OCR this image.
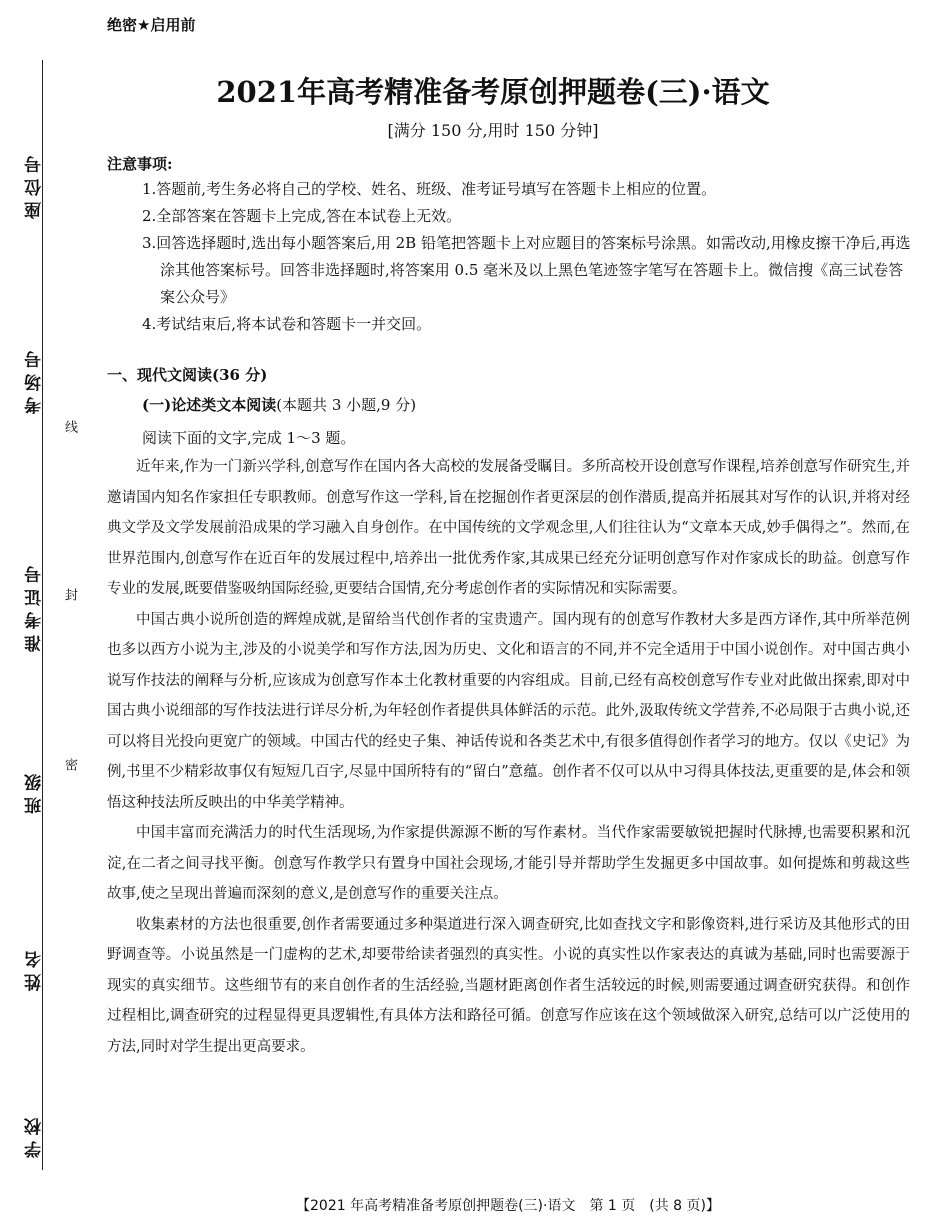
座位号
考场号
准考证号
班级
姓名
学校
线
封
密
绝密★启用前
2021年高考精准备考原创押题卷(三)·语文
[满分 150 分,用时 150 分钟]
注意事项:
1.答题前,考生务必将自己的学校、姓名、班级、准考证号填写在答题卡上相应的位置。
2.全部答案在答题卡上完成,答在本试卷上无效。
3.回答选择题时,选出每小题答案后,用 2B 铅笔把答题卡上对应题目的答案标号涂黑。如需改动,用橡皮擦干净后,再选涂其他答案标号。回答非选择题时,将答案用 0.5 毫米及以上黑色笔迹签字笔写在答题卡上。微信搜《高三试卷答案公众号》
4.考试结束后,将本试卷和答题卡一并交回。
一、现代文阅读(36 分)
(一)论述类文本阅读(本题共 3 小题,9 分)
阅读下面的文字,完成 1～3 题。

近年来,作为一门新兴学科,创意写作在国内各大高校的发展备受瞩目。多所高校开设创意写作课程,培养创意写作研究生,并邀请国内知名作家担任专职教师。创意写作这一学科,旨在挖掘创作者更深层的创作潜质,提高并拓展其对写作的认识,并将对经典文学及文学发展前沿成果的学习融入自身创作。在中国传统的文学观念里,人们往往认为“文章本天成,妙手偶得之”。然而,在世界范围内,创意写作在近百年的发展过程中,培养出一批优秀作家,其成果已经充分证明创意写作对作家成长的助益。创意写作专业的发展,既要借鉴吸纳国际经验,更要结合国情,充分考虑创作者的实际情况和实际需要。

中国古典小说所创造的辉煌成就,是留给当代创作者的宝贵遗产。国内现有的创意写作教材大多是西方译作,其中所举范例也多以西方小说为主,涉及的小说美学和写作方法,因为历史、文化和语言的不同,并不完全适用于中国小说创作。对中国古典小说写作技法的阐释与分析,应该成为创意写作本土化教材重要的内容组成。目前,已经有高校创意写作专业对此做出探索,即对中国古典小说细部的写作技法进行详尽分析,为年轻创作者提供具体鲜活的示范。此外,汲取传统文学营养,不必局限于古典小说,还可以将目光投向更宽广的领域。中国古代的经史子集、神话传说和各类艺术中,有很多值得创作者学习的地方。仅以《史记》为例,书里不少精彩故事仅有短短几百字,尽显中国所特有的“留白”意蕴。创作者不仅可以从中习得具体技法,更重要的是,体会和领悟这种技法所反映出的中华美学精神。

中国丰富而充满活力的时代生活现场,为作家提供源源不断的写作素材。当代作家需要敏锐把握时代脉搏,也需要积累和沉淀,在二者之间寻找平衡。创意写作教学只有置身中国社会现场,才能引导并帮助学生发掘更多中国故事。如何提炼和剪裁这些故事,使之呈现出普遍而深刻的意义,是创意写作的重要关注点。

收集素材的方法也很重要,创作者需要通过多种渠道进行深入调查研究,比如查找文字和影像资料,进行采访及其他形式的田野调查等。小说虽然是一门虚构的艺术,却要带给读者强烈的真实性。小说的真实性以作家表达的真诚为基础,同时也需要源于现实的真实细节。这些细节有的来自创作者的生活经验,当题材距离创作者生活较远的时候,则需要通过调查研究获得。和创作过程相比,调查研究的过程显得更具逻辑性,有具体方法和路径可循。创意写作应该在这个领域做深入研究,总结可以广泛使用的方法,同时对学生提出更高要求。

【2021 年高考精准备考原创押题卷(三)·语文　第 1 页　(共 8 页)】
